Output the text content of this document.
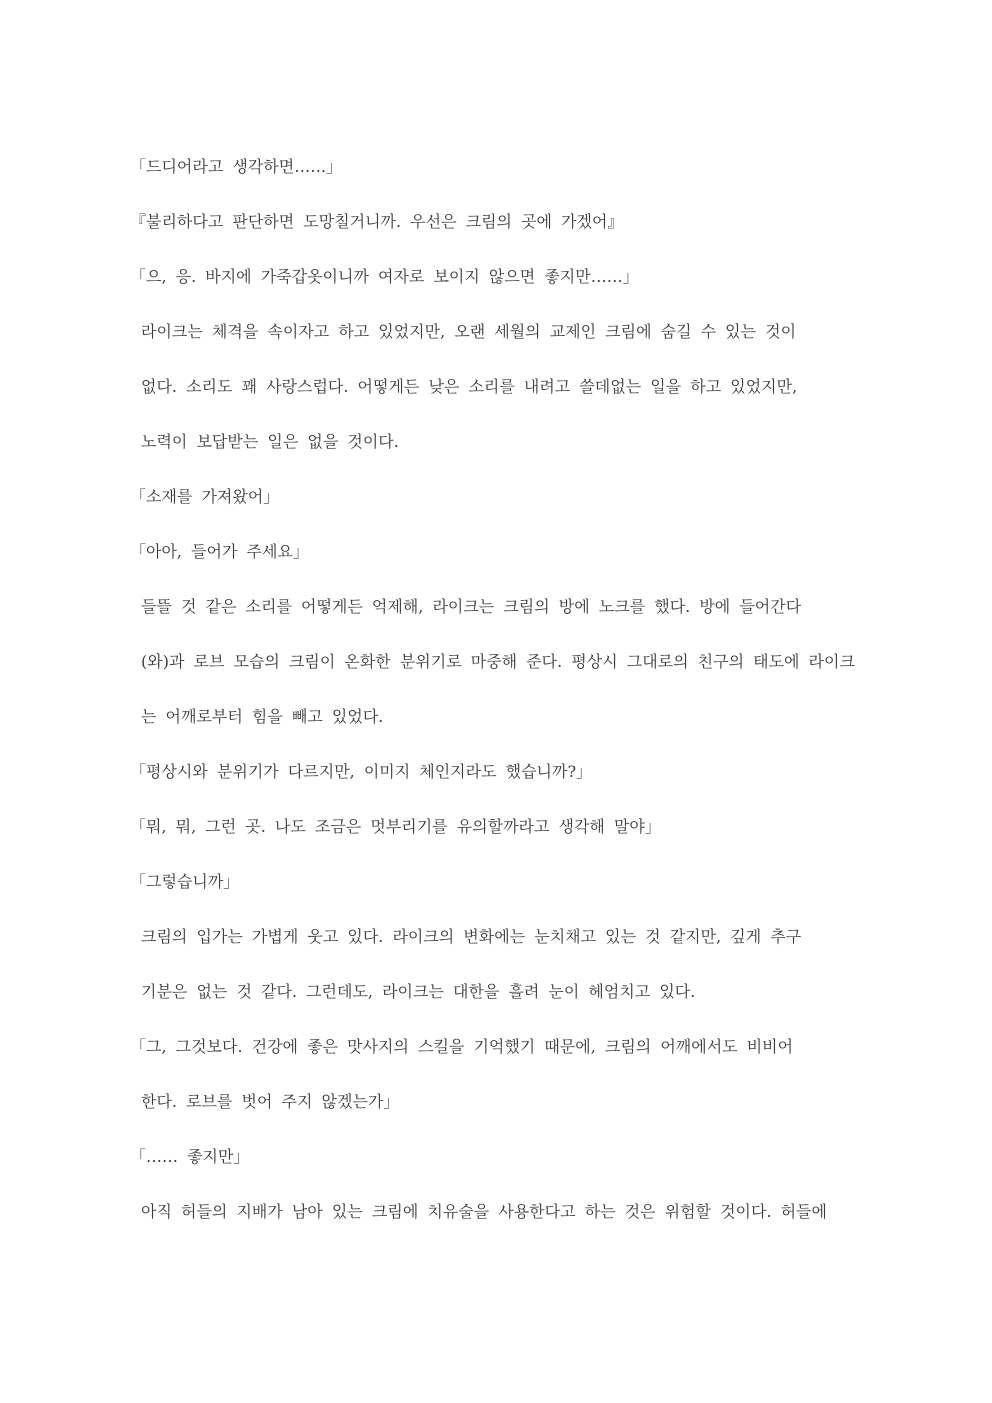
「드디어라고 생각하면……」

『불리하다고 판단하면 도망칠거니까. 우선은 크림의 곳에 가겠어』

「으, 응. 바지에 가죽갑옷이니까 여자로 보이지 않으면 좋지만……」

라이크는 체격을 속이자고 하고 있었지만, 오랜 세월의 교제인 크림에 숨길 수 있는 것이

없다. 소리도 꽤 사랑스럽다. 어떻게든 낮은 소리를 내려고 쓸데없는 일을 하고 있었지만,

노력이 보답받는 일은 없을 것이다.

「소재를 가져왔어」

「아아, 들어가 주세요」

들뜰 것 같은 소리를 어떻게든 억제해, 라이크는 크림의 방에 노크를 했다. 방에 들어간다

(와)과 로브 모습의 크림이 온화한 분위기로 마중해 준다. 평상시 그대로의 친구의 태도에 라이크

는 어깨로부터 힘을 빼고 있었다.

「평상시와 분위기가 다르지만, 이미지 체인지라도 했습니까?」

「뭐, 뭐, 그런 곳. 나도 조금은 멋부리기를 유의할까라고 생각해 말야」

「그렇습니까」

크림의 입가는 가볍게 웃고 있다. 라이크의 변화에는 눈치채고 있는 것 같지만, 깊게 추구

기분은 없는 것 같다. 그런데도, 라이크는 대한을 흘려 눈이 헤엄치고 있다.

「그, 그것보다. 건강에 좋은 맛사지의 스킬을 기억했기 때문에, 크림의 어깨에서도 비비어

한다. 로브를 벗어 주지 않겠는가」

「…… 좋지만」

아직 허들의 지배가 남아 있는 크림에 치유술을 사용한다고 하는 것은 위험할 것이다. 허들에
